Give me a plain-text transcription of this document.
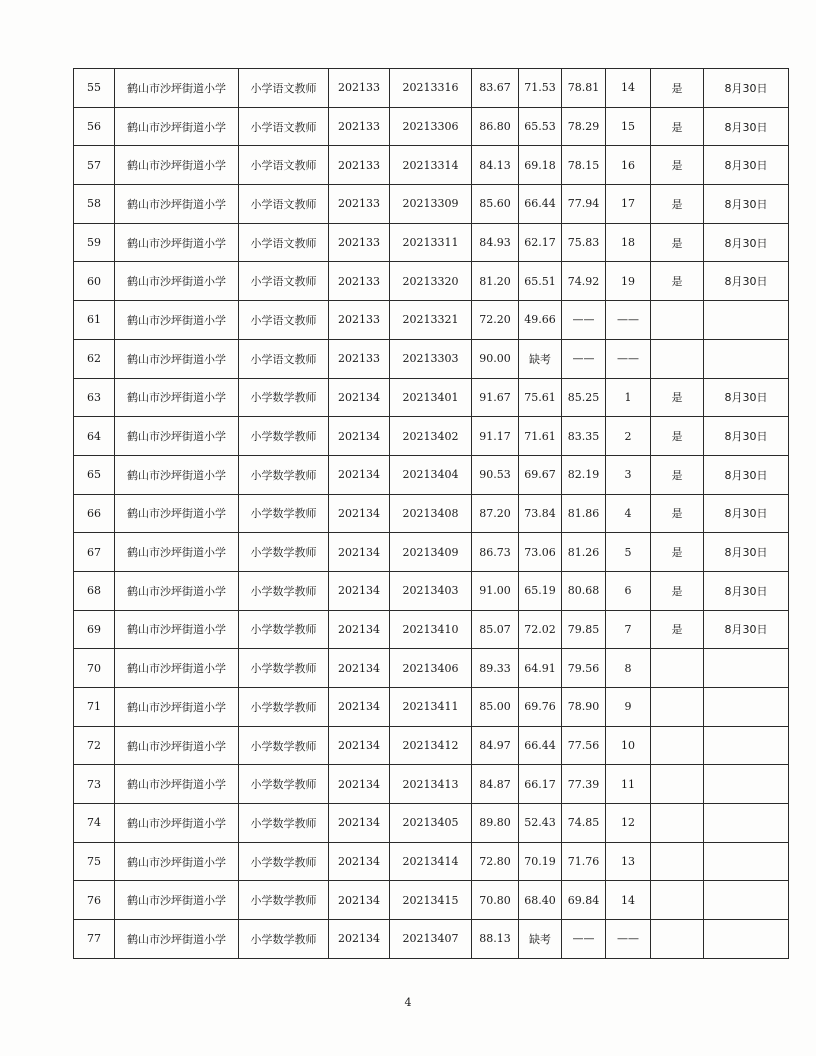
55	鹤山市沙坪街道小学	小学语文教师	202133	20213316	83.67	71.53	78.81	14	是	8月30日
56	鹤山市沙坪街道小学	小学语文教师	202133	20213306	86.80	65.53	78.29	15	是	8月30日
57	鹤山市沙坪街道小学	小学语文教师	202133	20213314	84.13	69.18	78.15	16	是	8月30日
58	鹤山市沙坪街道小学	小学语文教师	202133	20213309	85.60	66.44	77.94	17	是	8月30日
59	鹤山市沙坪街道小学	小学语文教师	202133	20213311	84.93	62.17	75.83	18	是	8月30日
60	鹤山市沙坪街道小学	小学语文教师	202133	20213320	81.20	65.51	74.92	19	是	8月30日
61	鹤山市沙坪街道小学	小学语文教师	202133	20213321	72.20	49.66	——	——		
62	鹤山市沙坪街道小学	小学语文教师	202133	20213303	90.00	缺考	——	——		
63	鹤山市沙坪街道小学	小学数学教师	202134	20213401	91.67	75.61	85.25	1	是	8月30日
64	鹤山市沙坪街道小学	小学数学教师	202134	20213402	91.17	71.61	83.35	2	是	8月30日
65	鹤山市沙坪街道小学	小学数学教师	202134	20213404	90.53	69.67	82.19	3	是	8月30日
66	鹤山市沙坪街道小学	小学数学教师	202134	20213408	87.20	73.84	81.86	4	是	8月30日
67	鹤山市沙坪街道小学	小学数学教师	202134	20213409	86.73	73.06	81.26	5	是	8月30日
68	鹤山市沙坪街道小学	小学数学教师	202134	20213403	91.00	65.19	80.68	6	是	8月30日
69	鹤山市沙坪街道小学	小学数学教师	202134	20213410	85.07	72.02	79.85	7	是	8月30日
70	鹤山市沙坪街道小学	小学数学教师	202134	20213406	89.33	64.91	79.56	8		
71	鹤山市沙坪街道小学	小学数学教师	202134	20213411	85.00	69.76	78.90	9		
72	鹤山市沙坪街道小学	小学数学教师	202134	20213412	84.97	66.44	77.56	10		
73	鹤山市沙坪街道小学	小学数学教师	202134	20213413	84.87	66.17	77.39	11		
74	鹤山市沙坪街道小学	小学数学教师	202134	20213405	89.80	52.43	74.85	12		
75	鹤山市沙坪街道小学	小学数学教师	202134	20213414	72.80	70.19	71.76	13		
76	鹤山市沙坪街道小学	小学数学教师	202134	20213415	70.80	68.40	69.84	14		
77	鹤山市沙坪街道小学	小学数学教师	202134	20213407	88.13	缺考	——	——		
4
